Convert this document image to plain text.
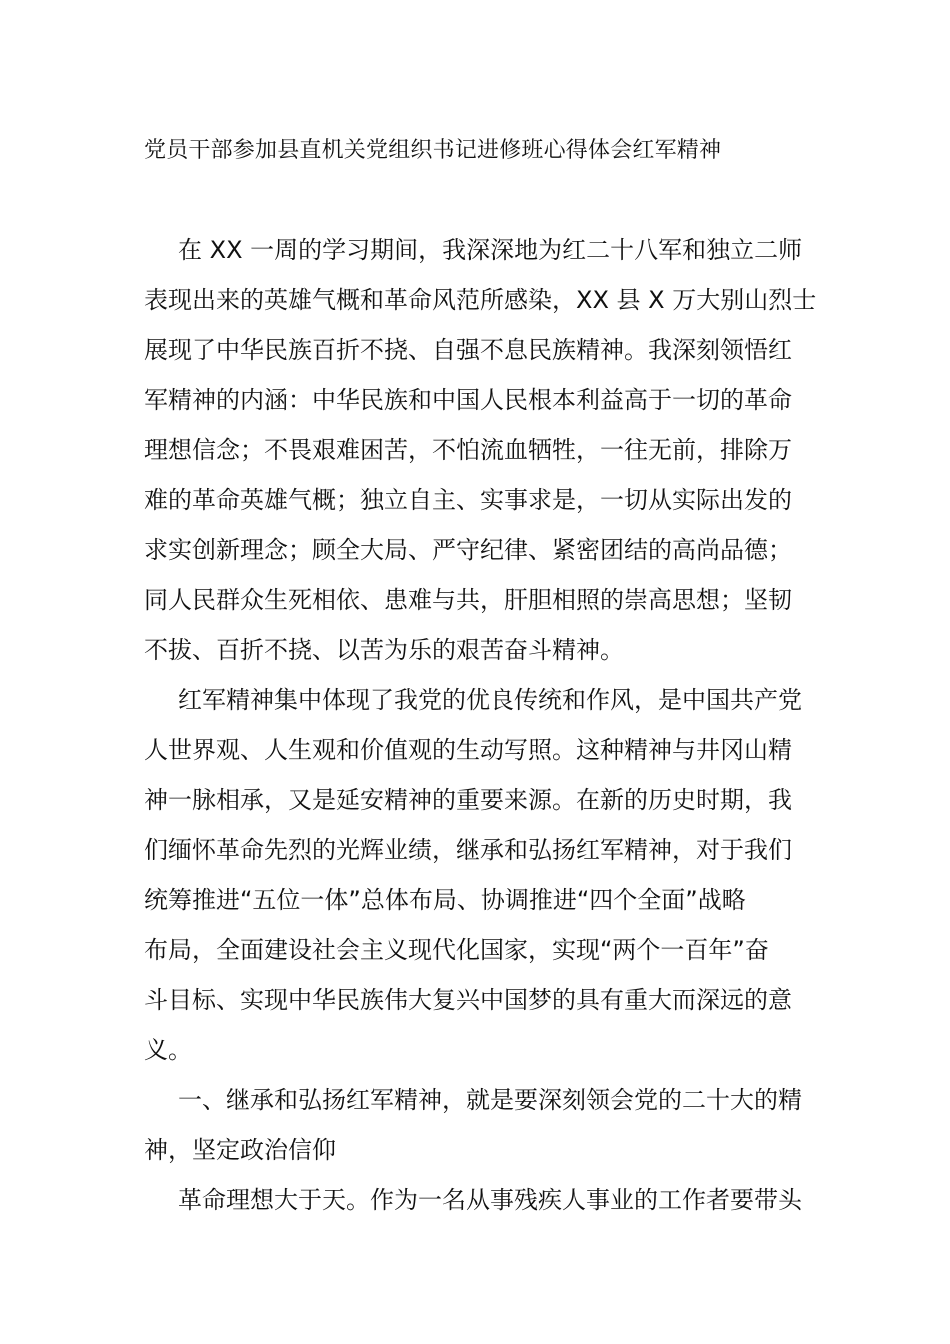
党员干部参加县直机关党组织书记进修班心得体会红军精神
在 XX 一周的学习期间，我深深地为红二十八军和独立二师
表现出来的英雄气概和革命风范所感染，XX 县 X 万大别山烈士
展现了中华民族百折不挠、自强不息民族精神。我深刻领悟红
军精神的内涵：中华民族和中国人民根本利益高于一切的革命
理想信念；不畏艰难困苦，不怕流血牺牲，一往无前，排除万
难的革命英雄气概；独立自主、实事求是，一切从实际出发的
求实创新理念；顾全大局、严守纪律、紧密团结的高尚品德；
同人民群众生死相依、患难与共，肝胆相照的崇高思想；坚韧
不拔、百折不挠、以苦为乐的艰苦奋斗精神。
红军精神集中体现了我党的优良传统和作风，是中国共产党
人世界观、人生观和价值观的生动写照。这种精神与井冈山精
神一脉相承，又是延安精神的重要来源。在新的历史时期，我
们缅怀革命先烈的光辉业绩，继承和弘扬红军精神，对于我们
统筹推进“五位一体”总体布局、协调推进“四个全面”战略
布局，全面建设社会主义现代化国家，实现“两个一百年”奋
斗目标、实现中华民族伟大复兴中国梦的具有重大而深远的意
义。
一、继承和弘扬红军精神，就是要深刻领会党的二十大的精
神，坚定政治信仰
革命理想大于天。作为一名从事残疾人事业的工作者要带头
